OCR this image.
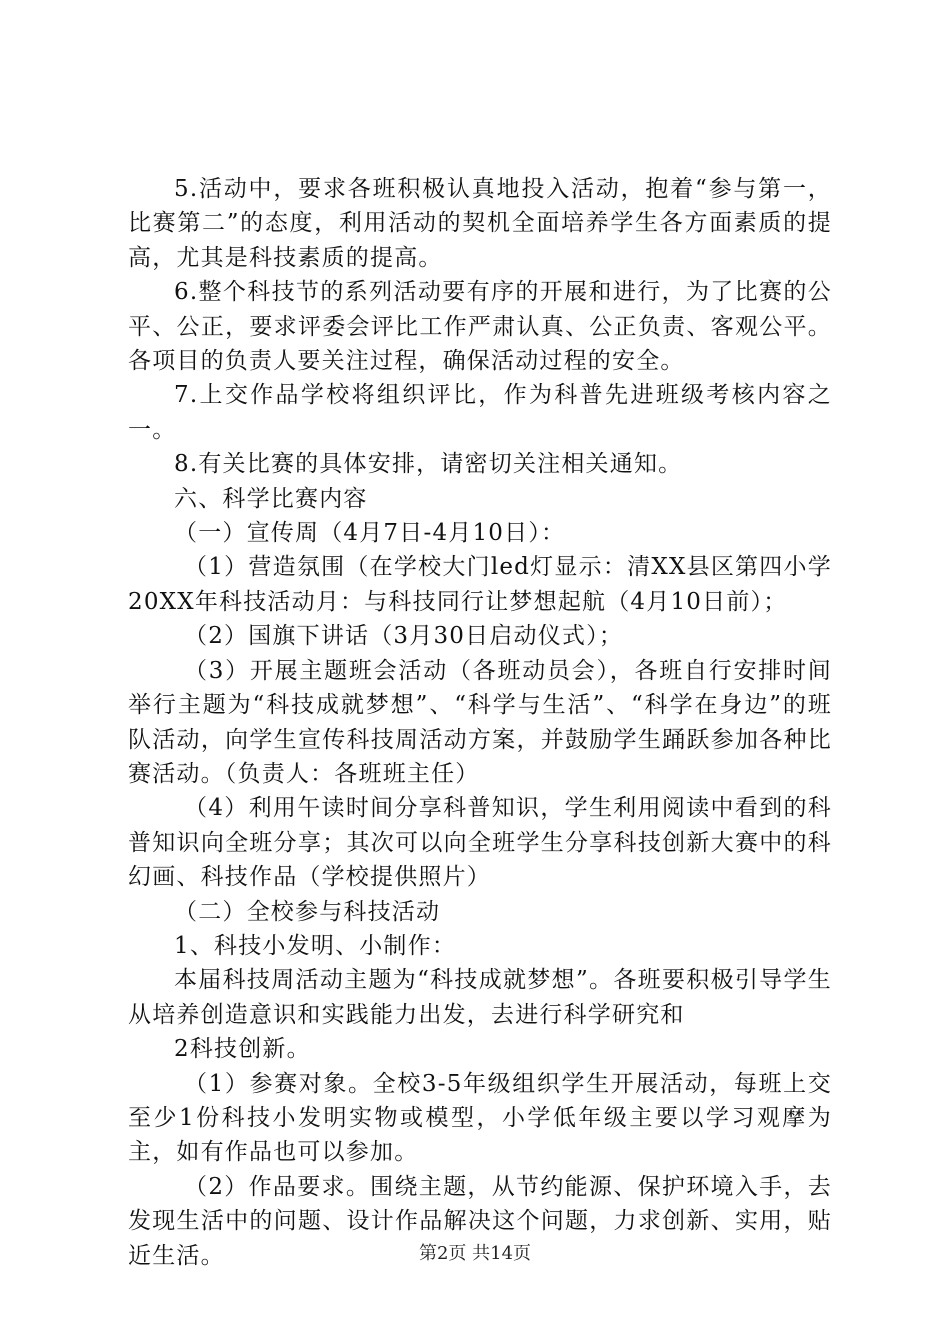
5.活动中，要求各班积极认真地投入活动，抱着“参与第一，比赛第二”的态度，利用活动的契机全面培养学生各方面素质的提高，尤其是科技素质的提高。

6.整个科技节的系列活动要有序的开展和进行，为了比赛的公平、公正，要求评委会评比工作严肃认真、公正负责、客观公平。各项目的负责人要关注过程，确保活动过程的安全。

7.上交作品学校将组织评比，作为科普先进班级考核内容之一。

8.有关比赛的具体安排，请密切关注相关通知。

六、科学比赛内容

（一）宣传周（4月7日-4月10日）：

（1）营造氛围（在学校大门led灯显示：清XX县区第四小学20XX年科技活动月：与科技同行让梦想起航（4月10日前）；

（2）国旗下讲话（3月30日启动仪式）；

（3）开展主题班会活动（各班动员会），各班自行安排时间举行主题为“科技成就梦想”、“科学与生活”、“科学在身边”的班队活动，向学生宣传科技周活动方案，并鼓励学生踊跃参加各种比赛活动。（负责人：各班班主任）

（4）利用午读时间分享科普知识，学生利用阅读中看到的科普知识向全班分享；其次可以向全班学生分享科技创新大赛中的科幻画、科技作品（学校提供照片）

（二）全校参与科技活动

1、科技小发明、小制作：

本届科技周活动主题为“科技成就梦想”。各班要积极引导学生从培养创造意识和实践能力出发，去进行科学研究和

2科技创新。

（1）参赛对象。全校3-5年级组织学生开展活动，每班上交至少1份科技小发明实物或模型，小学低年级主要以学习观摩为主，如有作品也可以参加。

（2）作品要求。围绕主题，从节约能源、保护环境入手，去发现生活中的问题、设计作品解决这个问题，力求创新、实用，贴近生活。	第2页 共14页
